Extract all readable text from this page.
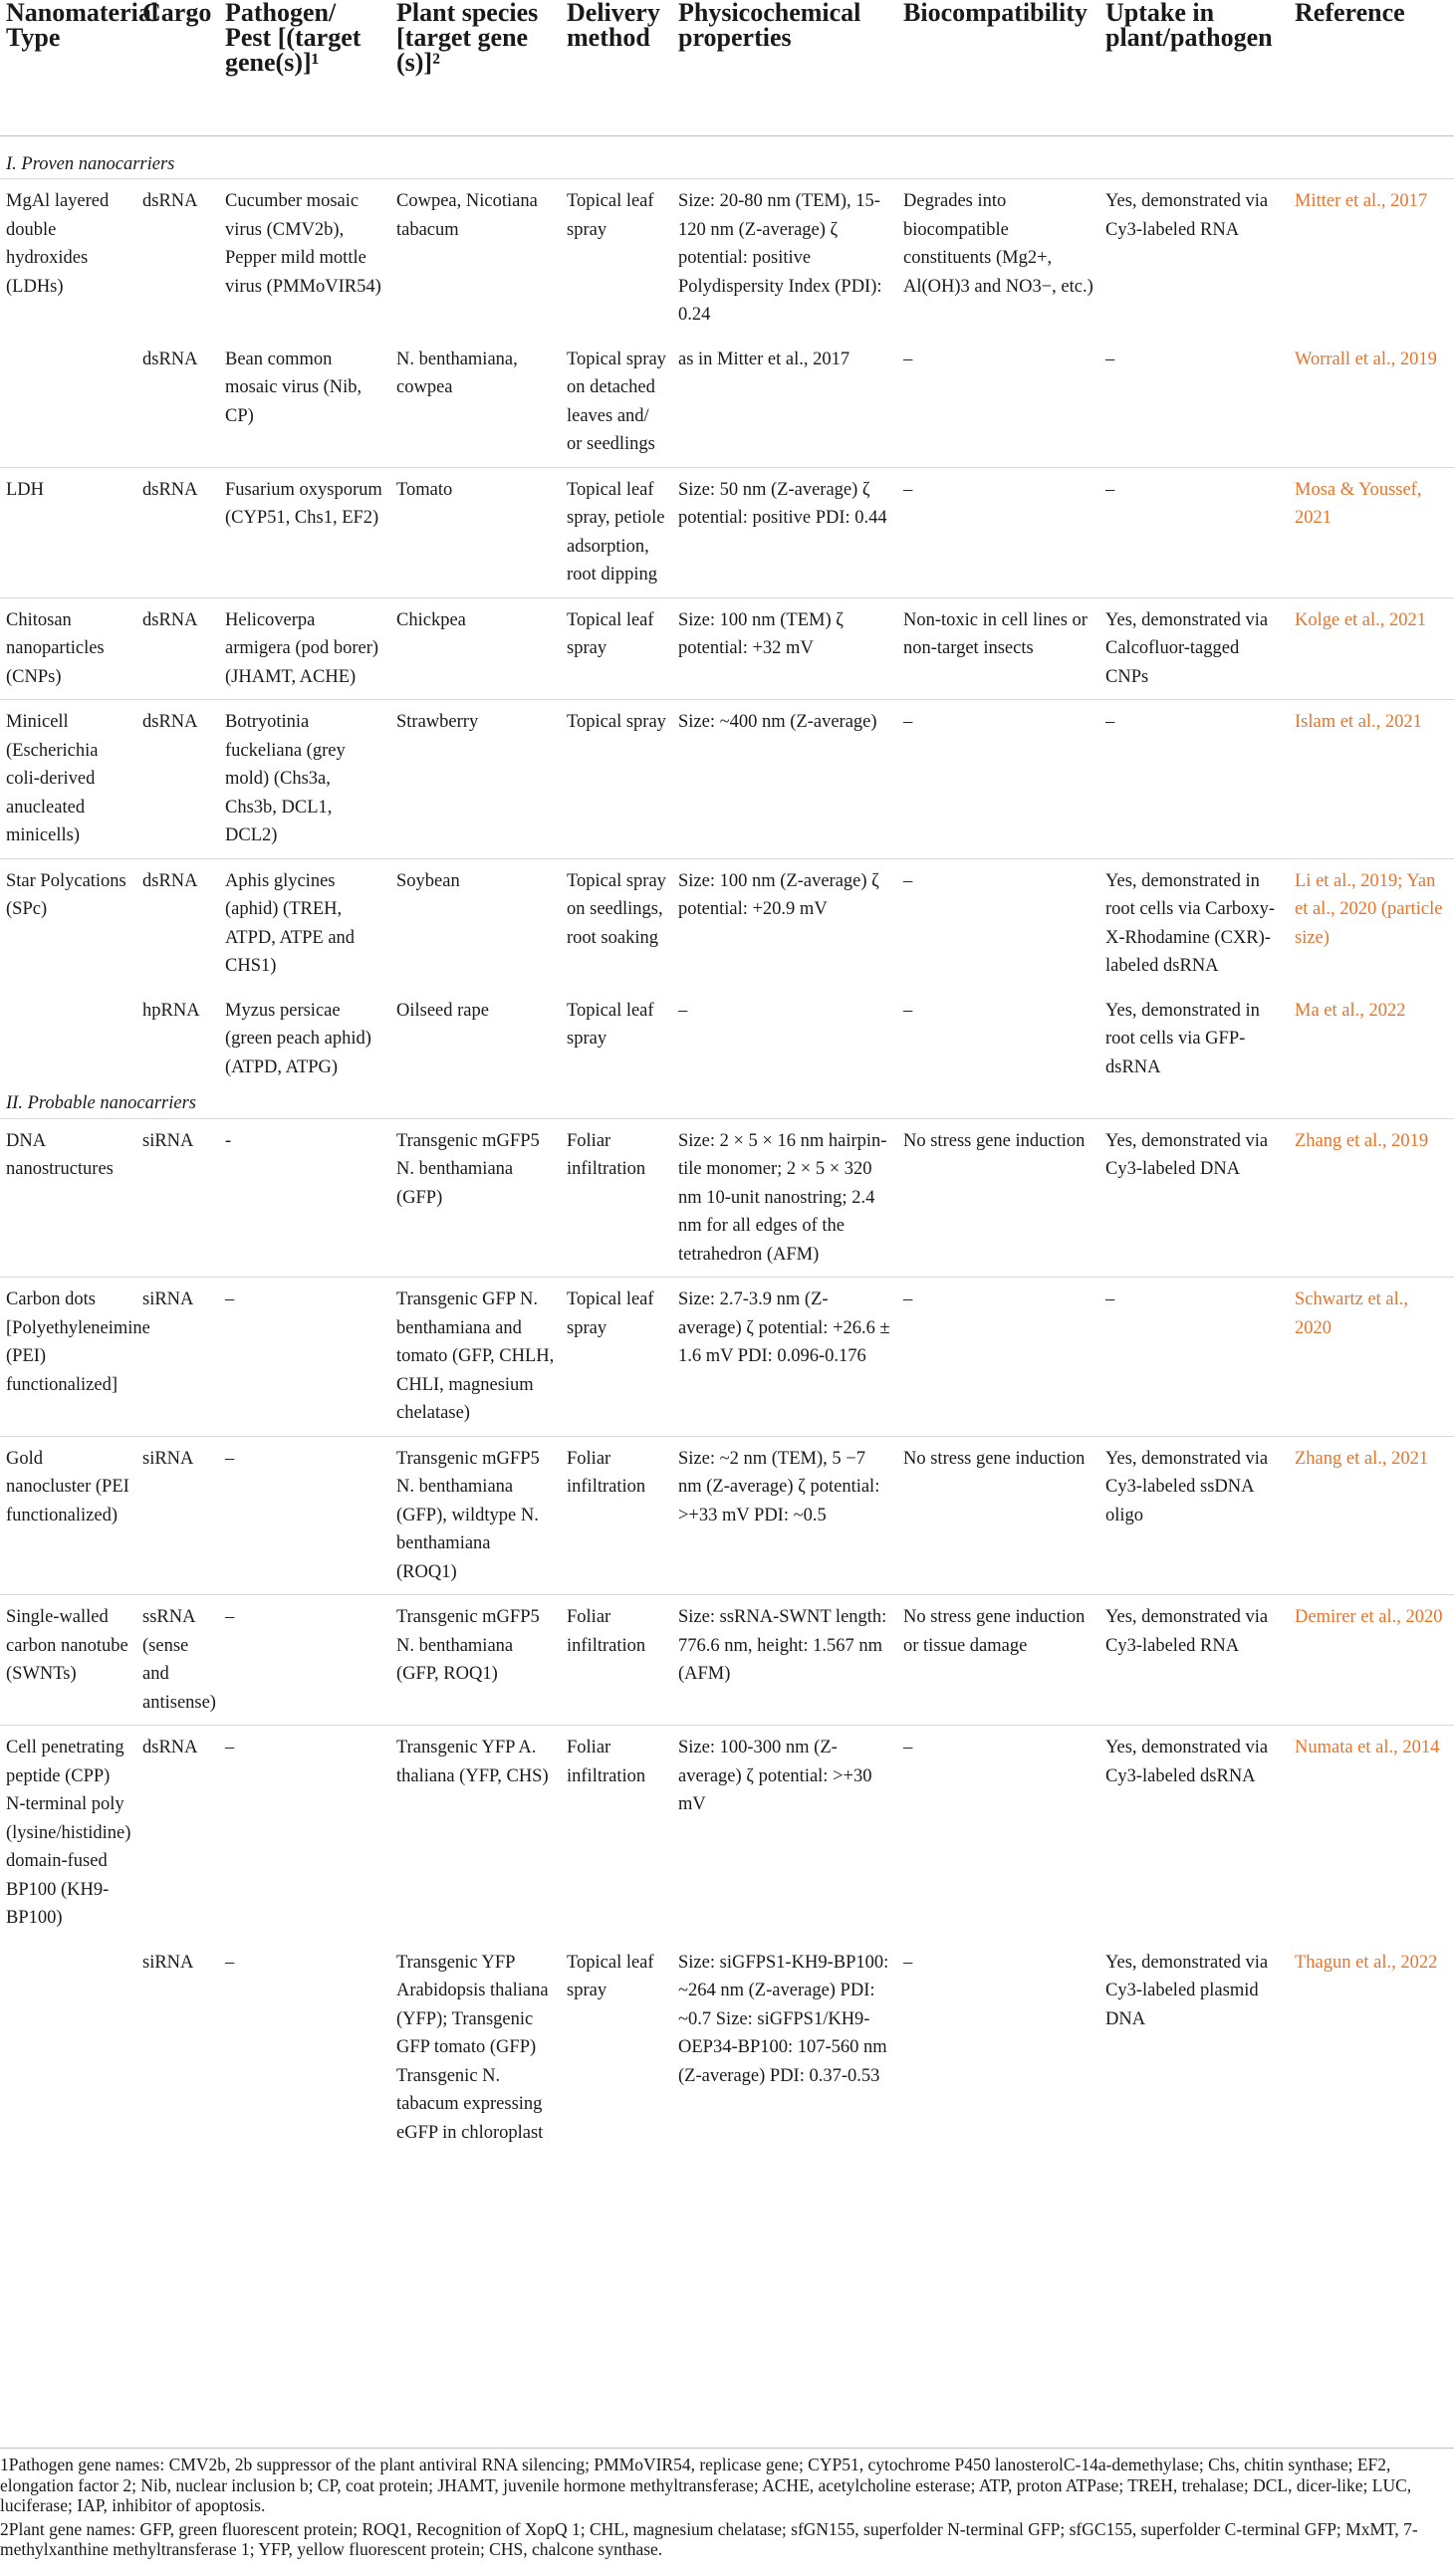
Nanomaterial Type	Cargo	Pathogen/ Pest [(target gene(s)]¹	Plant species [target gene (s)]²	Delivery method	Physicochemical properties	Biocompatibility	Uptake in plant/pathogen	Reference
I. Proven nanocarriers								
MgAl layered double hydroxides (LDHs)	dsRNA	Cucumber mosaic virus (CMV2b), Pepper mild mottle virus (PMMoVIR54)	Cowpea, Nicotiana tabacum	Topical leaf spray	Size: 20-80 nm (TEM), 15-120 nm (Z-average) ζ potential: positive Polydispersity Index (PDI): 0.24	Degrades into biocompatible constituents (Mg2+, Al(OH)3 and NO3−, etc.)	Yes, demonstrated via Cy3-labeled RNA	Mitter et al., 2017
	dsRNA	Bean common mosaic virus (Nib, CP)	N. benthamiana, cowpea	Topical spray on detached leaves and/ or seedlings	as in Mitter et al., 2017	–	–	Worrall et al., 2019
LDH	dsRNA	Fusarium oxysporum (CYP51, Chs1, EF2)	Tomato	Topical leaf spray, petiole adsorption, root dipping	Size: 50 nm (Z-average) ζ potential: positive PDI: 0.44	–	–	Mosa & Youssef, 2021
Chitosan nanoparticles (CNPs)	dsRNA	Helicoverpa armigera (pod borer) (JHAMT, ACHE)	Chickpea	Topical leaf spray	Size: 100 nm (TEM) ζ potential: +32 mV	Non-toxic in cell lines or non-target insects	Yes, demonstrated via Calcofluor-tagged CNPs	Kolge et al., 2021
Minicell (Escherichia coli-derived anucleated minicells)	dsRNA	Botryotinia fuckeliana (grey mold) (Chs3a, Chs3b, DCL1, DCL2)	Strawberry	Topical spray	Size: ~400 nm (Z-average)	–	–	Islam et al., 2021
Star Polycations (SPc)	dsRNA	Aphis glycines (aphid) (TREH, ATPD, ATPE and CHS1)	Soybean	Topical spray on seedlings, root soaking	Size: 100 nm (Z-average) ζ potential: +20.9 mV	–	Yes, demonstrated in root cells via Carboxy-X-Rhodamine (CXR)-labeled dsRNA	Li et al., 2019; Yan et al., 2020 (particle size)
	hpRNA	Myzus persicae (green peach aphid) (ATPD, ATPG)	Oilseed rape	Topical leaf spray	–	–	Yes, demonstrated in root cells via GFP-dsRNA	Ma et al., 2022
II. Probable nanocarriers								
DNA nanostructures	siRNA	-	Transgenic mGFP5 N. benthamiana (GFP)	Foliar infiltration	Size: 2 × 5 × 16 nm hairpin-tile monomer; 2 × 5 × 320 nm 10-unit nanostring; 2.4 nm for all edges of the tetrahedron (AFM)	No stress gene induction	Yes, demonstrated via Cy3-labeled DNA	Zhang et al., 2019
Carbon dots [Polyethyleneimine (PEI) functionalized]	siRNA	–	Transgenic GFP N. benthamiana and tomato (GFP, CHLH, CHLI, magnesium chelatase)	Topical leaf spray	Size: 2.7-3.9 nm (Z-average) ζ potential: +26.6 ± 1.6 mV PDI: 0.096-0.176	–	–	Schwartz et al., 2020
Gold nanocluster (PEI functionalized)	siRNA	–	Transgenic mGFP5 N. benthamiana (GFP), wildtype N. benthamiana (ROQ1)	Foliar infiltration	Size: ~2 nm (TEM), 5 −7 nm (Z-average) ζ potential: >+33 mV PDI: ~0.5	No stress gene induction	Yes, demonstrated via Cy3-labeled ssDNA oligo	Zhang et al., 2021
Single-walled carbon nanotube (SWNTs)	ssRNA (sense and antisense)	–	Transgenic mGFP5 N. benthamiana (GFP, ROQ1)	Foliar infiltration	Size: ssRNA-SWNT length: 776.6 nm, height: 1.567 nm (AFM)	No stress gene induction or tissue damage	Yes, demonstrated via Cy3-labeled RNA	Demirer et al., 2020
Cell penetrating peptide (CPP) N-terminal poly (lysine/histidine) domain-fused BP100 (KH9-BP100)	dsRNA	–	Transgenic YFP A. thaliana (YFP, CHS)	Foliar infiltration	Size: 100-300 nm (Z-average) ζ potential: >+30 mV	–	Yes, demonstrated via Cy3-labeled dsRNA	Numata et al., 2014
	siRNA	–	Transgenic YFP Arabidopsis thaliana (YFP); Transgenic GFP tomato (GFP) Transgenic N. tabacum expressing eGFP in chloroplast	Topical leaf spray	Size: siGFPS1-KH9-BP100: ~264 nm (Z-average) PDI: ~0.7 Size: siGFPS1/KH9-OEP34-BP100: 107-560 nm (Z-average) PDI: 0.37-0.53	–	Yes, demonstrated via Cy3-labeled plasmid DNA	Thagun et al., 2022

1Pathogen gene names: CMV2b, 2b suppressor of the plant antiviral RNA silencing; PMMoVIR54, replicase gene; CYP51, cytochrome P450 lanosterolC-14a-demethylase; Chs, chitin synthase; EF2, elongation factor 2; Nib, nuclear inclusion b; CP, coat protein; JHAMT, juvenile hormone methyltransferase; ACHE, acetylcholine esterase; ATP, proton ATPase; TREH, trehalase; DCL, dicer-like; LUC, luciferase; IAP, inhibitor of apoptosis.

2Plant gene names: GFP, green fluorescent protein; ROQ1, Recognition of XopQ 1; CHL, magnesium chelatase; sfGN155, superfolder N-terminal GFP; sfGC155, superfolder C-terminal GFP; MxMT, 7-methylxanthine methyltransferase 1; YFP, yellow fluorescent protein; CHS, chalcone synthase.
